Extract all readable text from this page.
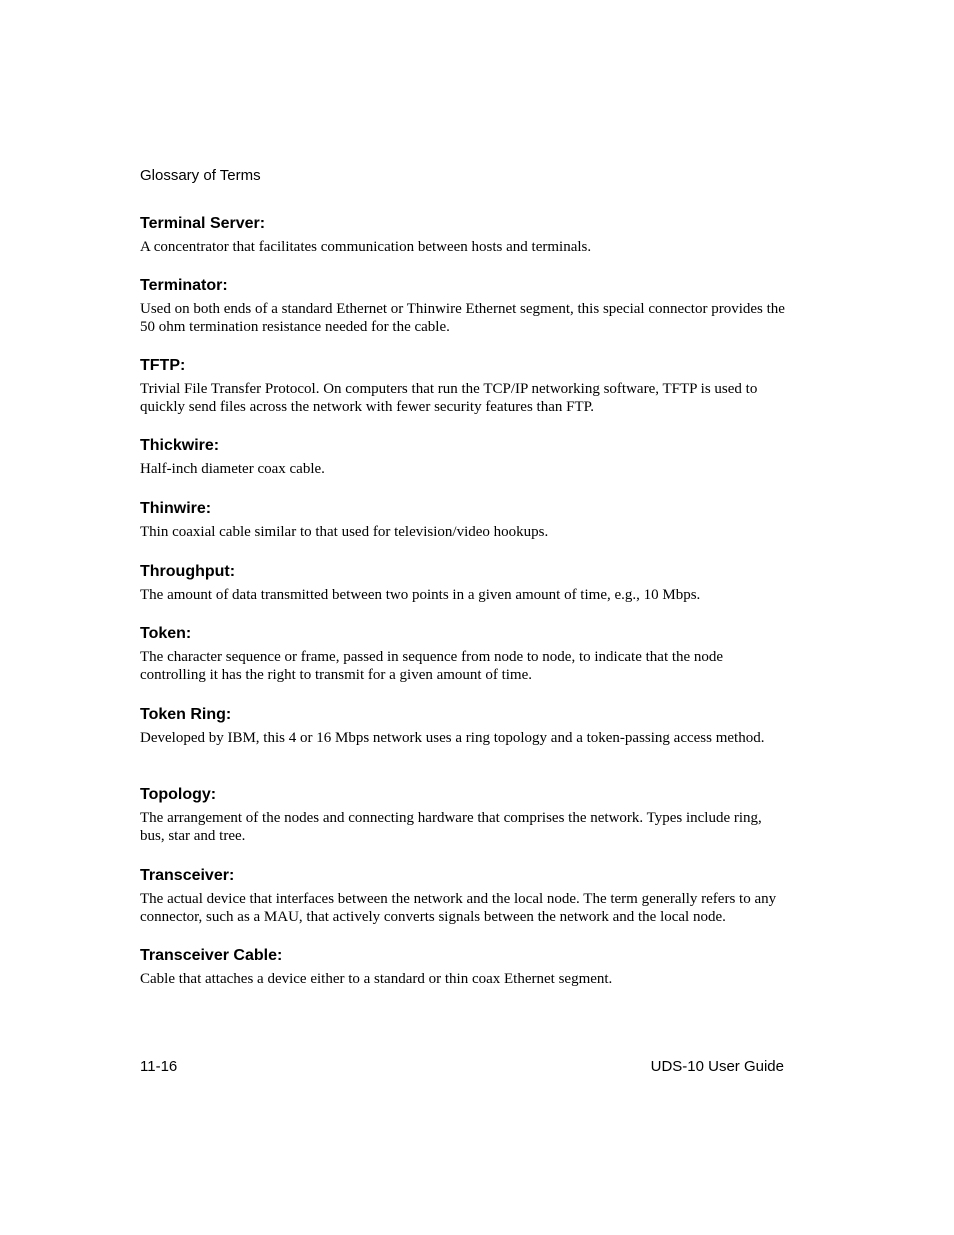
Glossary of Terms
Terminal Server:

A concentrator that facilitates communication between hosts and terminals.

Terminator:

Used on both ends of a standard Ethernet or Thinwire Ethernet segment, this special connector provides the 50 ohm termination resistance needed for the cable.

TFTP:

Trivial File Transfer Protocol. On computers that run the TCP/IP networking software, TFTP is used to quickly send files across the network with fewer security features than FTP.

Thickwire:

Half-inch diameter coax cable.

Thinwire:

Thin coaxial cable similar to that used for television/video hookups.

Throughput:

The amount of data transmitted between two points in a given amount of time, e.g., 10 Mbps.

Token:

The character sequence or frame, passed in sequence from node to node, to indicate that the node controlling it has the right to transmit for a given amount of time.

Token Ring:

Developed by IBM, this 4 or 16 Mbps network uses a ring topology and a token-passing access method.

Topology:

The arrangement of the nodes and connecting hardware that comprises the network. Types include ring, bus, star and tree.

Transceiver:

The actual device that interfaces between the network and the local node. The term generally refers to any connector, such as a MAU, that actively converts signals between the network and the local node.

Transceiver Cable:

Cable that attaches a device either to a standard or thin coax Ethernet segment.

11-16	UDS-10 User Guide
